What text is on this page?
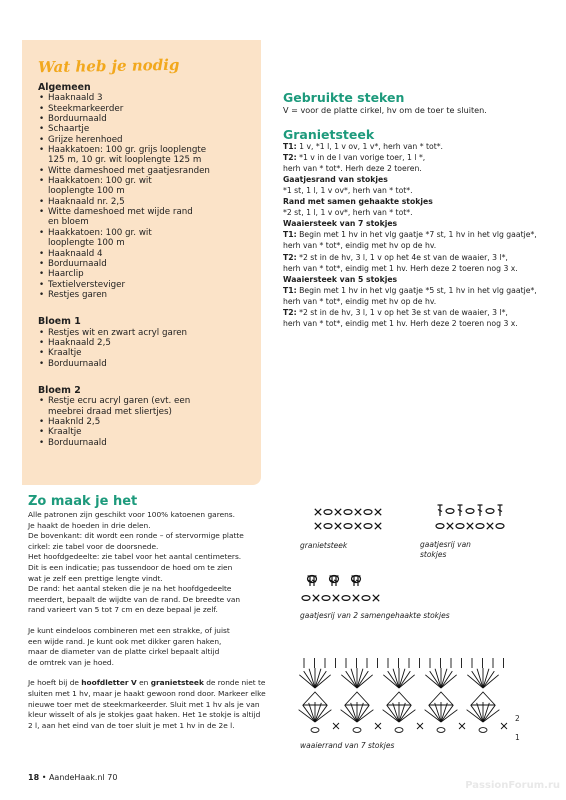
Wat heb je nodig
Algemeen
• Haaknaald 3
• Steekmarkeerder
• Borduurnaald
• Schaartje
• Grijze herenhoed
• Haakkatoen: 100 gr. grijs looplengte
125 m, 10 gr. wit looplengte 125 m
• Witte dameshoed met gaatjesranden
• Haakkatoen: 100 gr. wit
looplengte 100 m
• Haaknaald nr. 2,5
• Witte dameshoed met wijde rand
en bloem
• Haakkatoen: 100 gr. wit
looplengte 100 m
• Haaknaald 4
• Borduurnaald
• Haarclip
• Textielversteviger
• Restjes garen
Bloem 1
• Restjes wit en zwart acryl garen
• Haaknaald 2,5
• Kraaltje
• Borduurnaald
Bloem 2
• Restje ecru acryl garen (evt. een
meebrei draad met sliertjes)
• Haaknld 2,5
• Kraaltje
• Borduurnaald
Gebruikte steken

V = voor de platte cirkel, hv om de toer te sluiten.

Granietsteek

T1: 1 v, *1 l, 1 v ov, 1 v*, herh van * tot*.

T2: *1 v in de l van vorige toer, 1 l *,

herh van * tot*. Herh deze 2 toeren.

Gaatjesrand van stokjes

*1 st, 1 l, 1 v ov*, herh van * tot*.

Rand met samen gehaakte stokjes

*2 st, 1 l, 1 v ov*, herh van * tot*.

Waaiersteek van 7 stokjes

T1: Begin met 1 hv in het vlg gaatje *7 st, 1 hv in het vlg gaatje*,

herh van * tot*, eindig met hv op de hv.

T2: *2 st in de hv, 3 l, 1 v op het 4e st van de waaier, 3 l*,

herh van * tot*, eindig met 1 hv. Herh deze 2 toeren nog 3 x.

Waaiersteek van 5 stokjes

T1: Begin met 1 hv in het vlg gaatje *5 st, 1 hv in het vlg gaatje*,

herh van * tot*, eindig met hv op de hv.

T2: *2 st in de hv, 3 l, 1 v op het 3e st van de waaier, 3 l*,

herh van * tot*, eindig met 1 hv. Herh deze 2 toeren nog 3 x.

Zo maak je het

Alle patronen zijn geschikt voor 100% katoenen garens.
Je haakt de hoeden in drie delen.
De bovenkant: dit wordt een ronde – of stervormige platte
cirkel: zie tabel voor de doorsnede.
Het hoofdgedeelte: zie tabel voor het aantal centimeters.
Dit is een indicatie; pas tussendoor de hoed om te zien
wat je zelf een prettige lengte vindt.
De rand: het aantal steken die je na het hoofdgedeelte
meerdert, bepaalt de wijdte van de rand. De breedte van
rand varieert van 5 tot 7 cm en deze bepaal je zelf.

Je kunt eindeloos combineren met een strakke, of juist
een wijde rand. Je kunt ook met dikker garen haken,
maar de diameter van de platte cirkel bepaalt altijd
de omtrek van je hoed.

Je hoeft bij de hoofdletter V en granietsteek de ronde niet te
sluiten met 1 hv, maar je haakt gewoon rond door. Markeer elke
nieuwe toer met de steekmarkeerder. Sluit met 1 hv als je van
kleur wisselt of als je stokjes gaat haken. Het 1e stokje is altijd
2 l, aan het eind van de toer sluit je met 1 hv in de 2e l.

granietsteek	gaatjesrij van
stokjes
gaatjesrij van 2 samengehaakte stokjes
2
1
waaierrand van 7 stokjes
18 • AandeHaak.nl 70
PassionForum.ru
